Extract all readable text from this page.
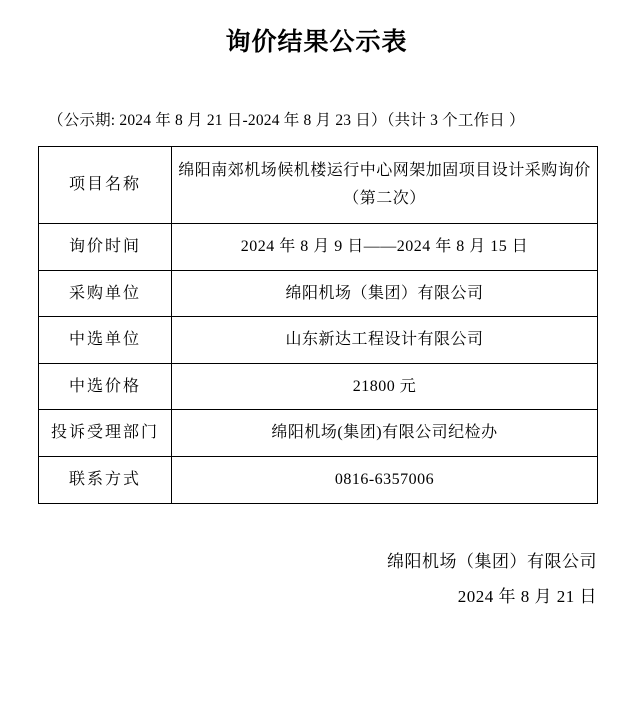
询价结果公示表
（公示期: 2024 年 8 月 21 日-2024 年 8 月 23 日）（共计 3 个工作日 ）
项目名称	绵阳南郊机场候机楼运行中心网架加固项目设计采购询价（第二次）
询价时间	2024 年 8 月 9 日——2024 年 8 月 15 日
采购单位	绵阳机场（集团）有限公司
中选单位	山东新达工程设计有限公司
中选价格	21800 元
投诉受理部门	绵阳机场(集团)有限公司纪检办
联系方式	0816-6357006
绵阳机场（集团）有限公司
2024 年 8 月 21 日
